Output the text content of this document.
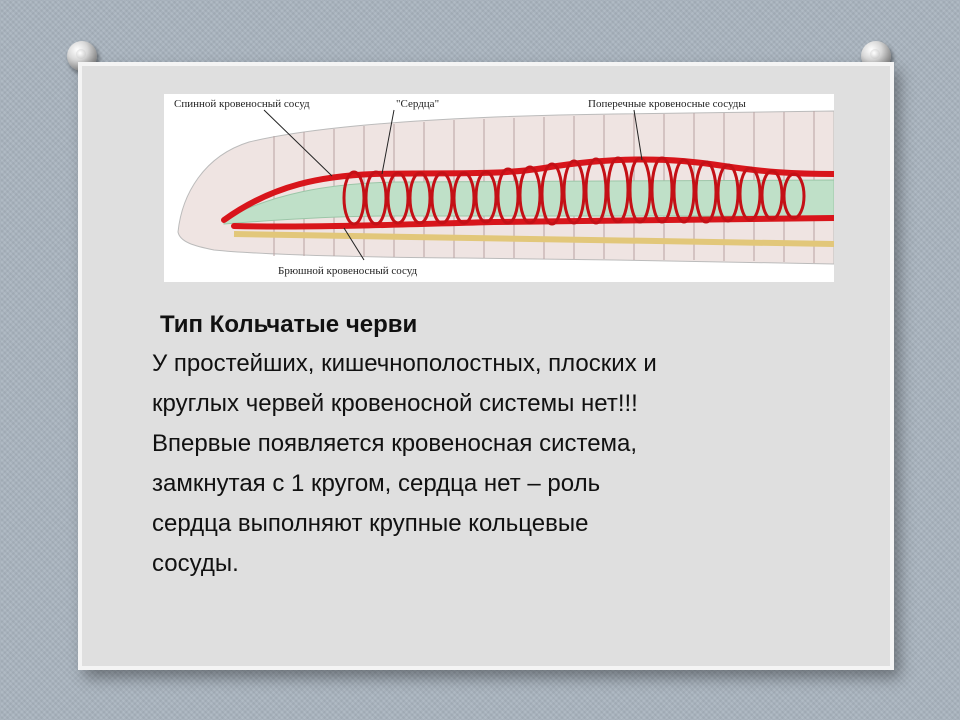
Спинной кровеносный сосуд	"Сердца"	Поперечные кровеносные сосуды
Брюшной кровеносный сосуд
Тип Кольчатые черви

У простейших, кишечнополостных, плоских и
круглых червей кровеносной системы нет!!!
Впервые появляется кровеносная система,
замкнутая с 1 кругом, сердца нет – роль
сердца выполняют крупные кольцевые
сосуды.
